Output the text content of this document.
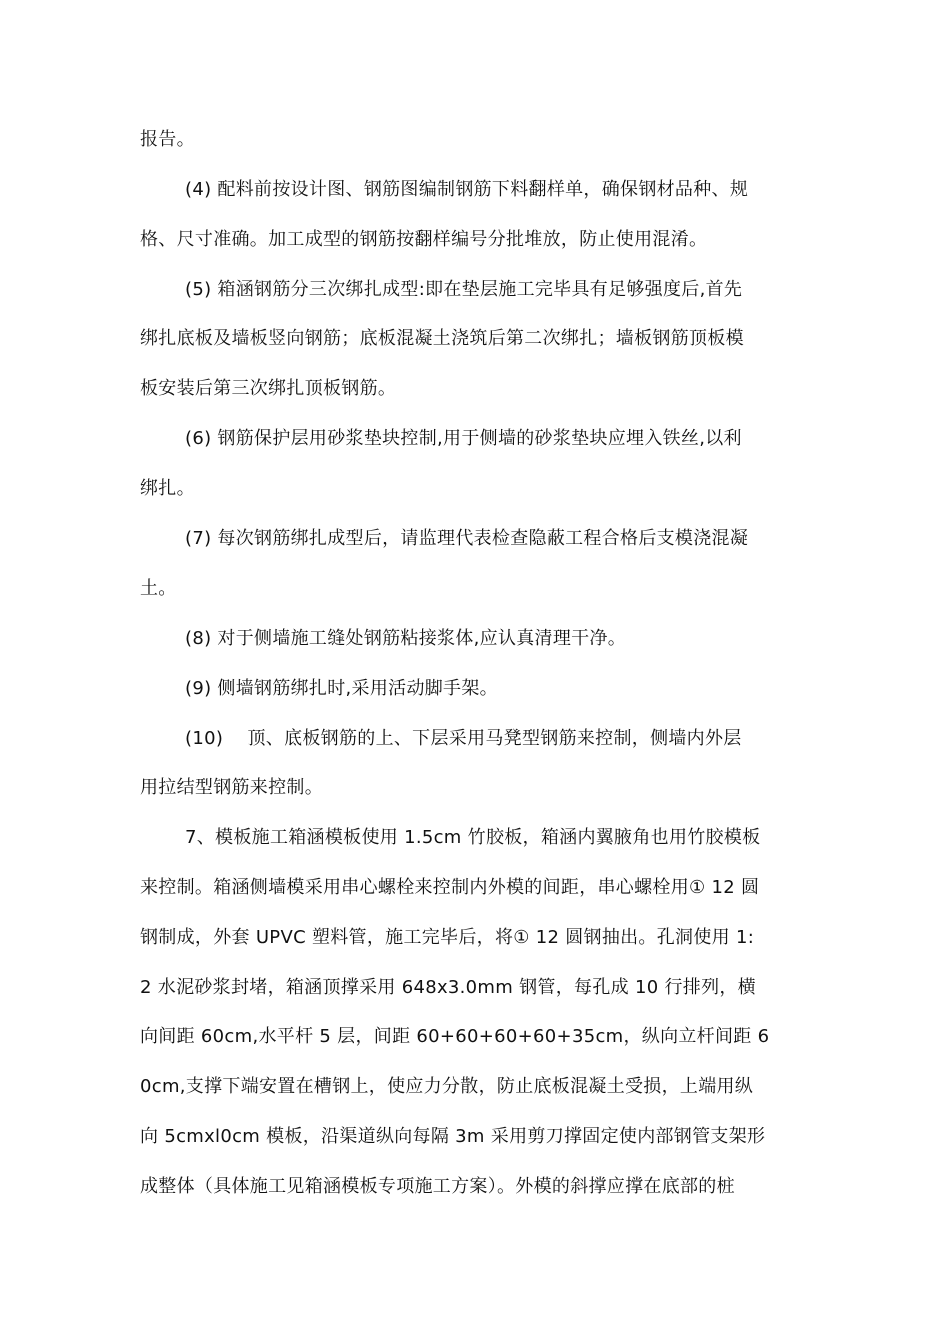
报告。
(4) 配料前按设计图、钢筋图编制钢筋下料翻样单，确保钢材品种、规
格、尺寸准确。加工成型的钢筋按翻样编号分批堆放，防止使用混淆。
(5) 箱涵钢筋分三次绑扎成型:即在垫层施工完毕具有足够强度后,首先
绑扎底板及墙板竖向钢筋；底板混凝土浇筑后第二次绑扎；墙板钢筋顶板模
板安装后第三次绑扎顶板钢筋。
(6) 钢筋保护层用砂浆垫块控制,用于侧墙的砂浆垫块应埋入铁丝,以利
绑扎。
(7) 每次钢筋绑扎成型后，请监理代表检查隐蔽工程合格后支模浇混凝
土。
(8) 对于侧墙施工缝处钢筋粘接浆体,应认真清理干净。
(9) 侧墙钢筋绑扎时,采用活动脚手架。
(10)　 顶、底板钢筋的上、下层采用马凳型钢筋来控制，侧墙内外层
用拉结型钢筋来控制。
7、模板施工箱涵模板使用 1.5cm 竹胶板，箱涵内翼腋角也用竹胶模板
来控制。箱涵侧墙模采用串心螺栓来控制内外模的间距，串心螺栓用① 12 圆
钢制成，外套 UPVC 塑料管，施工完毕后，将① 12 圆钢抽出。孔洞使用 1:
2 水泥砂浆封堵，箱涵顶撑采用 648x3.0mm 钢管，每孔成 10 行排列，横
向间距 60cm,水平杆 5 层，间距 60+60+60+60+35cm，纵向立杆间距 6
0cm,支撑下端安置在槽钢上，使应力分散，防止底板混凝土受损，上端用纵
向 5cmxl0cm 模板，沿渠道纵向每隔 3m 采用剪刀撑固定使内部钢管支架形
成整体（具体施工见箱涵模板专项施工方案）。外模的斜撑应撑在底部的桩
